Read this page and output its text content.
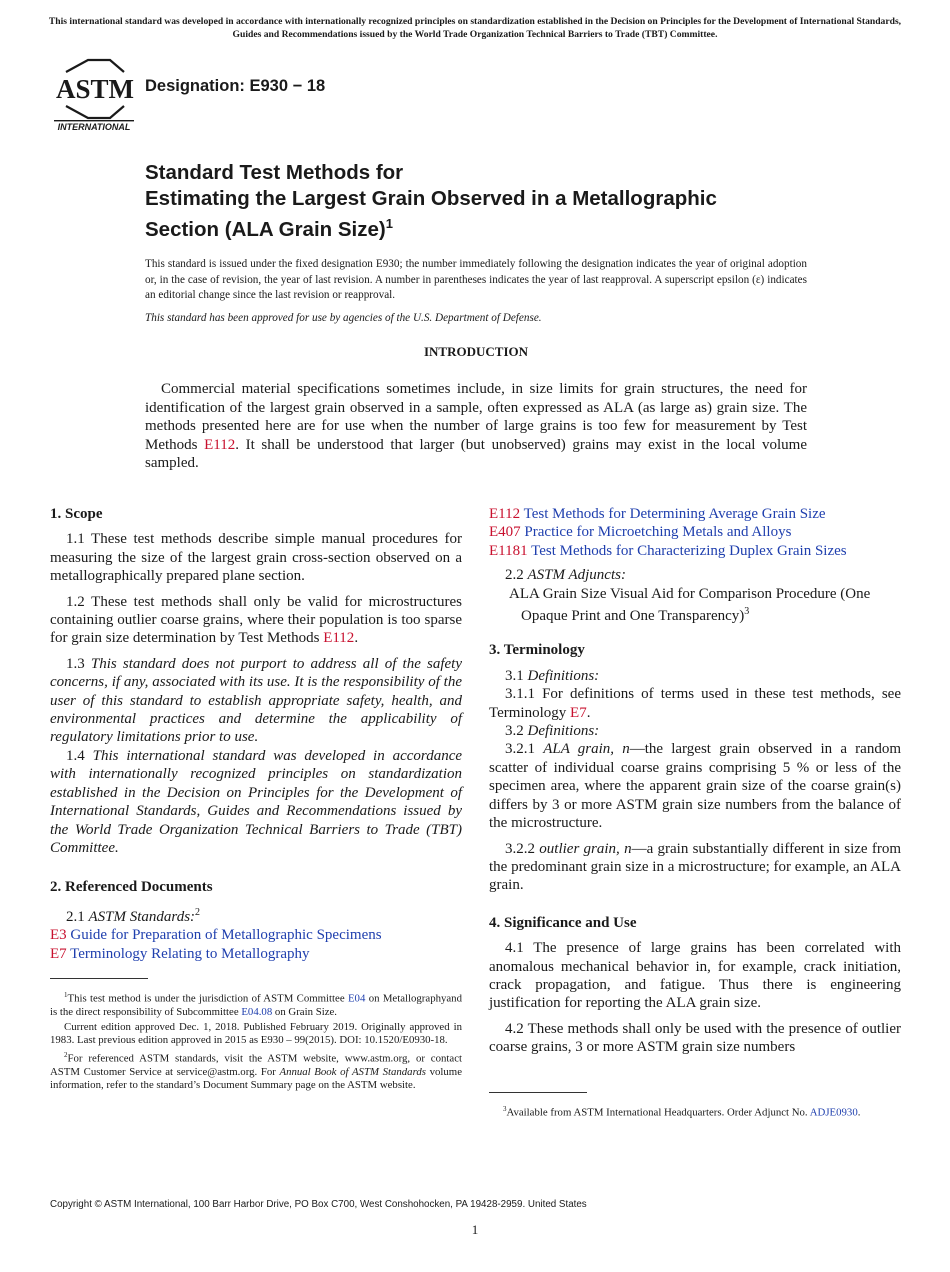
This international standard was developed in accordance with internationally recognized principles on standardization established in the Decision on Principles for the Development of International Standards, Guides and Recommendations issued by the World Trade Organization Technical Barriers to Trade (TBT) Committee.
ASTM
INTERNATIONAL
Designation: E930 − 18
Standard Test Methods for
Estimating the Largest Grain Observed in a Metallographic
Section (ALA Grain Size)$^1$
This standard is issued under the fixed designation E930; the number immediately following the designation indicates the year of original adoption or, in the case of revision, the year of last revision. A number in parentheses indicates the year of last reapproval. A superscript epsilon (ε) indicates an editorial change since the last revision or reapproval.
This standard has been approved for use by agencies of the U.S. Department of Defense.
INTRODUCTION
Commercial material specifications sometimes include, in size limits for grain structures, the need for identification of the largest grain observed in a sample, often expressed as ALA (as large as) grain size. The methods presented here are for use when the number of large grains is too few for measurement by Test Methods E112. It shall be understood that larger (but unobserved) grains may exist in the local volume sampled.
1. Scope

1.1 These test methods describe simple manual procedures for measuring the size of the largest grain cross-section observed on a metallographically prepared plane section.

1.2 These test methods shall only be valid for microstructures containing outlier coarse grains, where their population is too sparse for grain size determination by Test Methods E112.

1.3 This standard does not purport to address all of the safety concerns, if any, associated with its use. It is the responsibility of the user of this standard to establish appropriate safety, health, and environmental practices and determine the applicability of regulatory limitations prior to use.

1.4 This international standard was developed in accordance with internationally recognized principles on standardization established in the Decision on Principles for the Development of International Standards, Guides and Recommendations issued by the World Trade Organization Technical Barriers to Trade (TBT) Committee.

2. Referenced Documents

2.1 ASTM Standards:$^2$

E3 Guide for Preparation of Metallographic Specimens
E7 Terminology Relating to Metallography

$^1$This test method is under the jurisdiction of ASTM Committee E04 on Metallographyand is the direct responsibility of Subcommittee E04.08 on Grain Size.

Current edition approved Dec. 1, 2018. Published February 2019. Originally approved in 1983. Last previous edition approved in 2015 as E930 – 99(2015). DOI: 10.1520/E0930-18.

$^2$For referenced ASTM standards, visit the ASTM website, www.astm.org, or contact ASTM Customer Service at service@astm.org. For Annual Book of ASTM Standards volume information, refer to the standard’s Document Summary page on the ASTM website.

E112 Test Methods for Determining Average Grain Size
E407 Practice for Microetching Metals and Alloys
E1181 Test Methods for Characterizing Duplex Grain Sizes

2.2 ASTM Adjuncts:

ALA Grain Size Visual Aid for Comparison Procedure (One Opaque Print and One Transparency)$^3$

3. Terminology

3.1 Definitions:

3.1.1 For definitions of terms used in these test methods, see Terminology E7.

3.2 Definitions:

3.2.1 ALA grain, n—the largest grain observed in a random scatter of individual coarse grains comprising 5 % or less of the specimen area, where the apparent grain size of the coarse grain(s) differs by 3 or more ASTM grain size numbers from the balance of the microstructure.

3.2.2 outlier grain, n—a grain substantially different in size from the predominant grain size in a microstructure; for example, an ALA grain.

4. Significance and Use

4.1 The presence of large grains has been correlated with anomalous mechanical behavior in, for example, crack initiation, crack propagation, and fatigue. Thus there is engineering justification for reporting the ALA grain size.

4.2 These methods shall only be used with the presence of outlier coarse grains, 3 or more ASTM grain size numbers

$^3$Available from ASTM International Headquarters. Order Adjunct No. ADJE0930.

Copyright © ASTM International, 100 Barr Harbor Drive, PO Box C700, West Conshohocken, PA 19428-2959. United States
1
